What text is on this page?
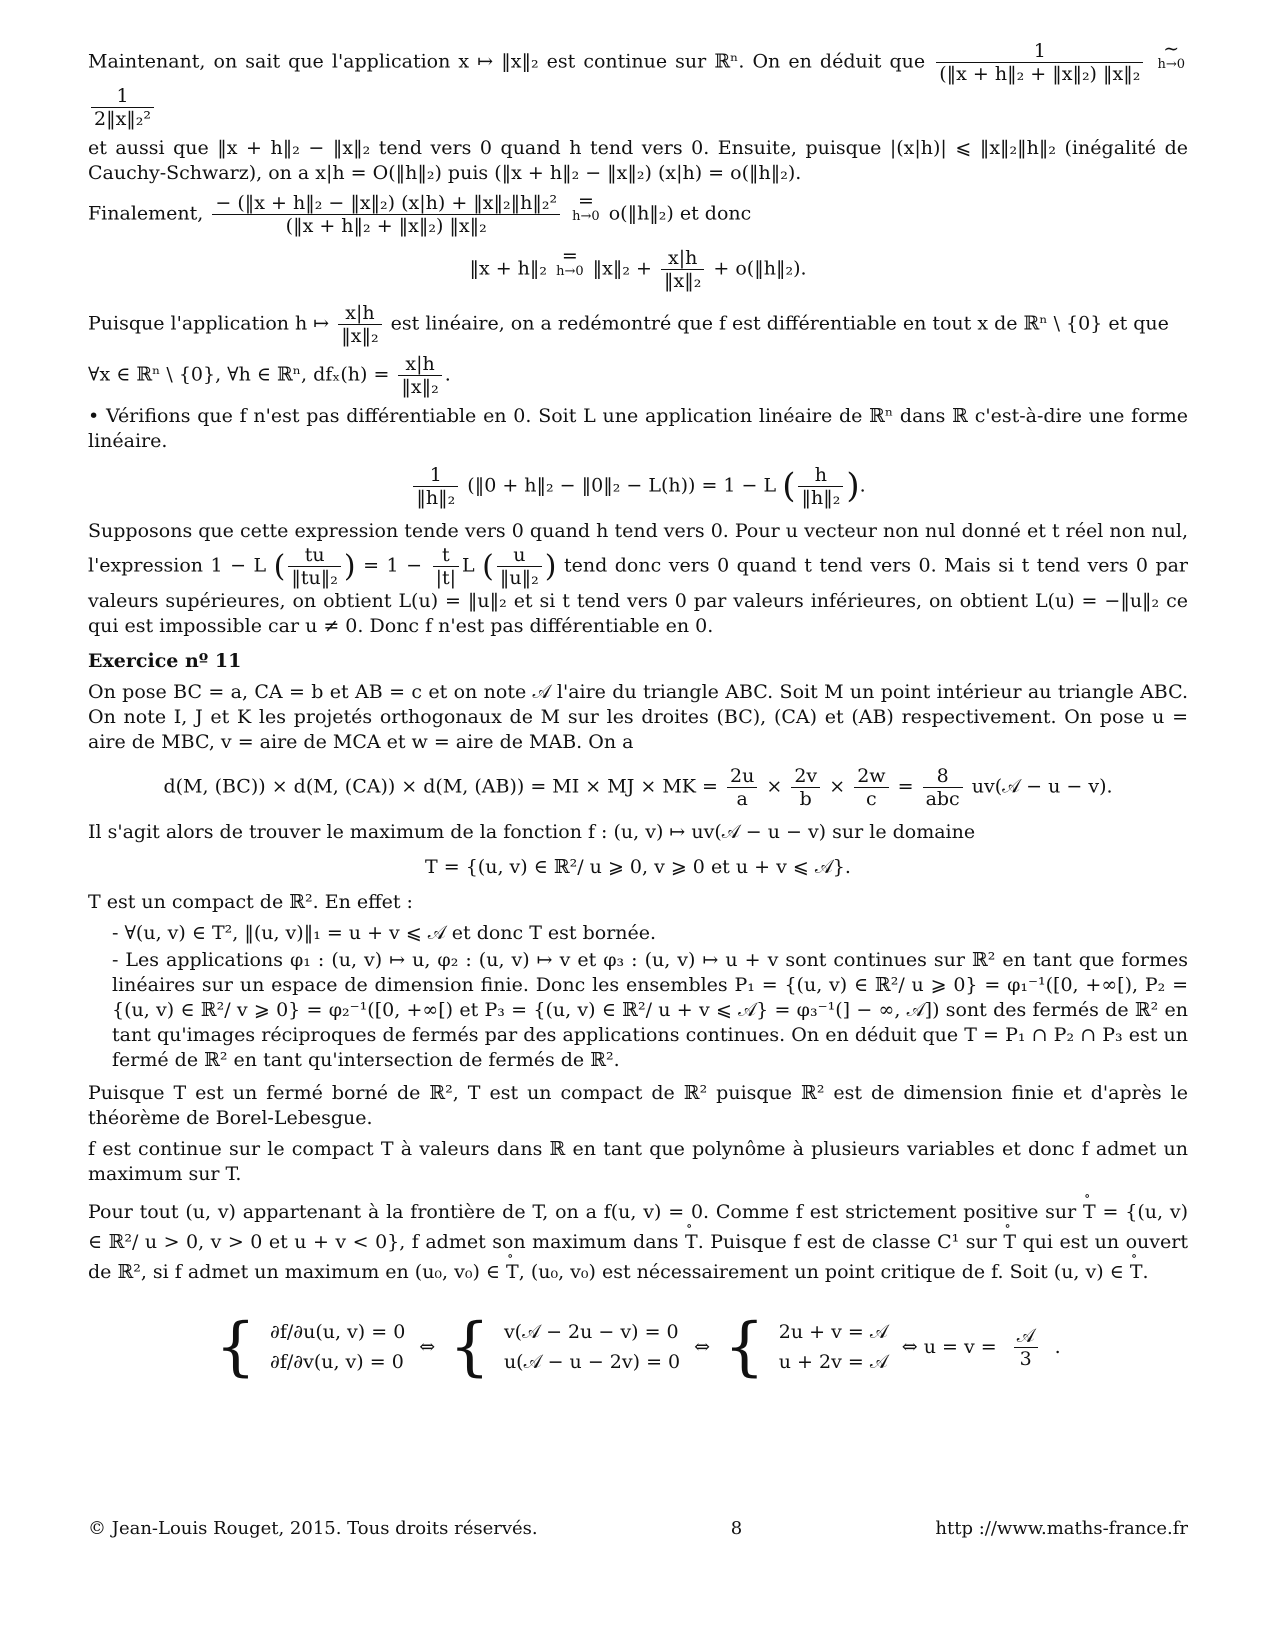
Maintenant, on sait que l'application x ↦ ‖x‖₂ est continue sur ℝⁿ. On en déduit que $\frac{1}{\text{(‖x + h‖₂ + ‖x‖₂) ‖x‖₂}}$ ∼
h→0

$\frac{1}{\text{2‖x‖₂²}}$

et aussi que ‖x + h‖₂ − ‖x‖₂ tend vers 0 quand h tend vers 0. Ensuite, puisque |(x|h)| ⩽ ‖x‖₂‖h‖₂ (inégalité de Cauchy-Schwarz), on a x|h = O(‖h‖₂) puis (‖x + h‖₂ − ‖x‖₂) (x|h) = o(‖h‖₂).

Finalement, $\frac{\text{− (‖x + h‖₂ − ‖x‖₂) (x|h) + ‖x‖₂‖h‖₂²}}{\text{(‖x + h‖₂ + ‖x‖₂) ‖x‖₂}}$ =
h→0 o(‖h‖₂) et donc

‖x + h‖₂ =
h→0 ‖x‖₂ + $\frac{x|h}{\text{‖x‖₂}}$ + o(‖h‖₂).

Puisque l'application h ↦ $\frac{x|h}{\text{‖x‖₂}}$ est linéaire, on a redémontré que f est différentiable en tout x de ℝⁿ \ {0} et que

∀x ∈ ℝⁿ \ {0}, ∀h ∈ ℝⁿ, $df_x(h) = \frac{x|h}{\text{‖x‖₂}}$ .

• Vérifions que f n'est pas différentiable en 0. Soit L une application linéaire de ℝⁿ dans ℝ c'est-à-dire une forme linéaire.

$\frac{1}{\text{‖h‖₂}}$ (‖0 + h‖₂ − ‖0‖₂ − L(h)) = 1 − L ( $\frac{h}{\text{‖h‖₂}}$ ).

Supposons que cette expression tende vers 0 quand h tend vers 0. Pour u vecteur non nul donné et t réel non nul, l'expression 1 − L ( $\frac{tu}{\text{‖tu‖₂}}$ ) = $1 - \frac{t}{|t|}$ L ( $\frac{u}{\text{‖u‖₂}}$ ) tend donc vers 0 quand t tend vers 0. Mais si t tend vers 0 par valeurs supérieures, on obtient L(u) = ‖u‖₂ et si t tend vers 0 par valeurs inférieures, on obtient L(u) = −‖u‖₂ ce qui est impossible car u ≠ 0. Donc f n'est pas différentiable en 0.

Exercice nº 11

On pose BC = a, CA = b et AB = c et on note 𝒜 l'aire du triangle ABC. Soit M un point intérieur au triangle ABC. On note I, J et K les projetés orthogonaux de M sur les droites (BC), (CA) et (AB) respectivement. On pose u = aire de MBC, v = aire de MCA et w = aire de MAB. On a

d(M, (BC)) × d(M, (CA)) × d(M, (AB)) = MI × MJ × MK = $\frac{2u}{a} \times \frac{2v}{b} \times \frac{2w}{c} = \frac{8}{\text{abc}}$ uv(𝒜 − u − v).

Il s'agit alors de trouver le maximum de la fonction f : (u, v) ↦ uv(𝒜 − u − v) sur le domaine

T = {(u, v) ∈ ℝ²/ u ⩾ 0, v ⩾ 0 et u + v ⩽ 𝒜}.

T est un compact de ℝ². En effet :

- ∀(u, v) ∈ T², ‖(u, v)‖₁ = u + v ⩽ 𝒜 et donc T est bornée.
- Les applications φ₁ : (u, v) ↦ u, φ₂ : (u, v) ↦ v et φ₃ : (u, v) ↦ u + v sont continues sur ℝ² en tant que formes linéaires sur un espace de dimension finie. Donc les ensembles P₁ = {(u, v) ∈ ℝ²/ u ⩾ 0} = φ₁⁻¹([0, +∞[), P₂ = {(u, v) ∈ ℝ²/ v ⩾ 0} = φ₂⁻¹([0, +∞[) et P₃ = {(u, v) ∈ ℝ²/ u + v ⩽ 𝒜} = φ₃⁻¹(] − ∞, 𝒜]) sont des fermés de ℝ² en tant qu'images réciproques de fermés par des applications continues. On en déduit que T = P₁ ∩ P₂ ∩ P₃ est un fermé de ℝ² en tant qu'intersection de fermés de ℝ².

Puisque T est un fermé borné de ℝ², T est un compact de ℝ² puisque ℝ² est de dimension finie et d'après le théorème de Borel-Lebesgue.

f est continue sur le compact T à valeurs dans ℝ en tant que polynôme à plusieurs variables et donc f admet un maximum sur T.

Pour tout (u, v) appartenant à la frontière de T, on a f(u, v) = 0. Comme f est strictement positive sur ∘ T = {(u, v) ∈ ℝ²/ u > 0, v > 0 et u + v < 0}, f admet son maximum dans ∘ T. Puisque f est de classe C¹ sur ∘ T qui est un ouvert de ℝ², si f admet un maximum en (u₀, v₀) ∈ ∘ T, (u₀, v₀) est nécessairement un point critique de f. Soit (u, v) ∈ ∘ T.

{ ∂f/∂u(u, v) = 0
∂f/∂v(u, v) = 0
⇔ { v(𝒜 − 2u − v) = 0
u(𝒜 − u − 2v) = 0
⇔ { 2u + v = 𝒜
u + 2v = 𝒜
⇔ $u = v = \frac{\text{𝒜}}{3}$ .
© Jean-Louis Rouget, 2015. Tous droits réservés.	8	http ://www.maths-france.fr
